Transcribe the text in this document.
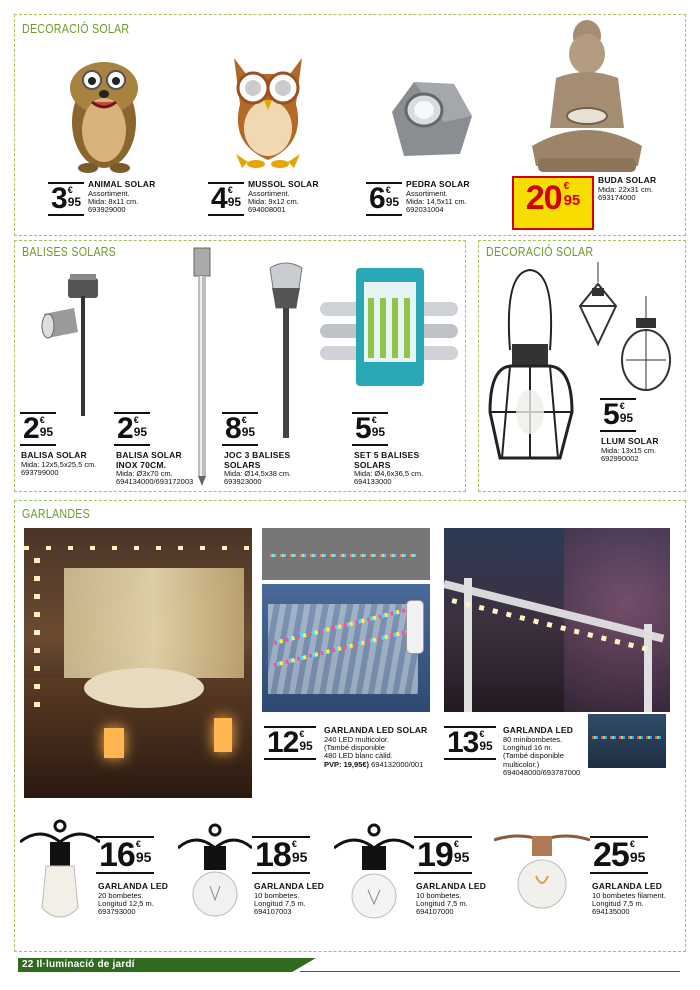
DECORACIÓ SOLAR
3 €
95
ANIMAL SOLAR
Assortiment.
Mida: 8x11 cm.
693929000	4 €
95
MUSSOL SOLAR
Assortiment.
Mida: 9x12 cm.
694008001	6 €
95
PEDRA SOLAR
Assortiment.
Mida: 14,5x11 cm.
692031004	20 €
95
BUDA SOLAR
Mida: 22x31 cm.
693174000
BALISES SOLARS
2 €
95
BALISA SOLAR
Mida: 12x5,5x25,5 cm.
693799000
2 €
95
BALISA SOLAR
INOX 70CM.
Mida: Ø3x70 cm.
694134000/693172003
8 €
95
JOC 3 BALISES
SOLARS
Mida: Ø14,5x38 cm.
693923000
5 €
95
SET 5 BALISES
SOLARS
Mida: Ø4,6x36,5 cm.
694133000
DECORACIÓ SOLAR
5 €
95
LLUM SOLAR
Mida: 13x15 cm.
692990002
GARLANDES
12 €
95
GARLANDA LED SOLAR
240 LED multicolor.
(També disponible
480 LED blanc càlid.
PVP: 19,95€) 694132000/001
13 €
95
GARLANDA LED
80 minibombetes.
Longitud 16 m.
(També disponible
multicolor.)
694048000/693787000
16 €
95
GARLANDA LED
20 bombetes.
Longitud 12,5 m.
693793000
18 €
95
GARLANDA LED
10 bombetes.
Longitud 7,5 m.
694107003
19 €
95
GARLANDA LED
10 bombetes.
Longitud 7,5 m.
694107000
25 €
95
GARLANDA LED
10 bombetes filament.
Longitud 7,5 m.
694135000
22 Il·luminació de jardí
